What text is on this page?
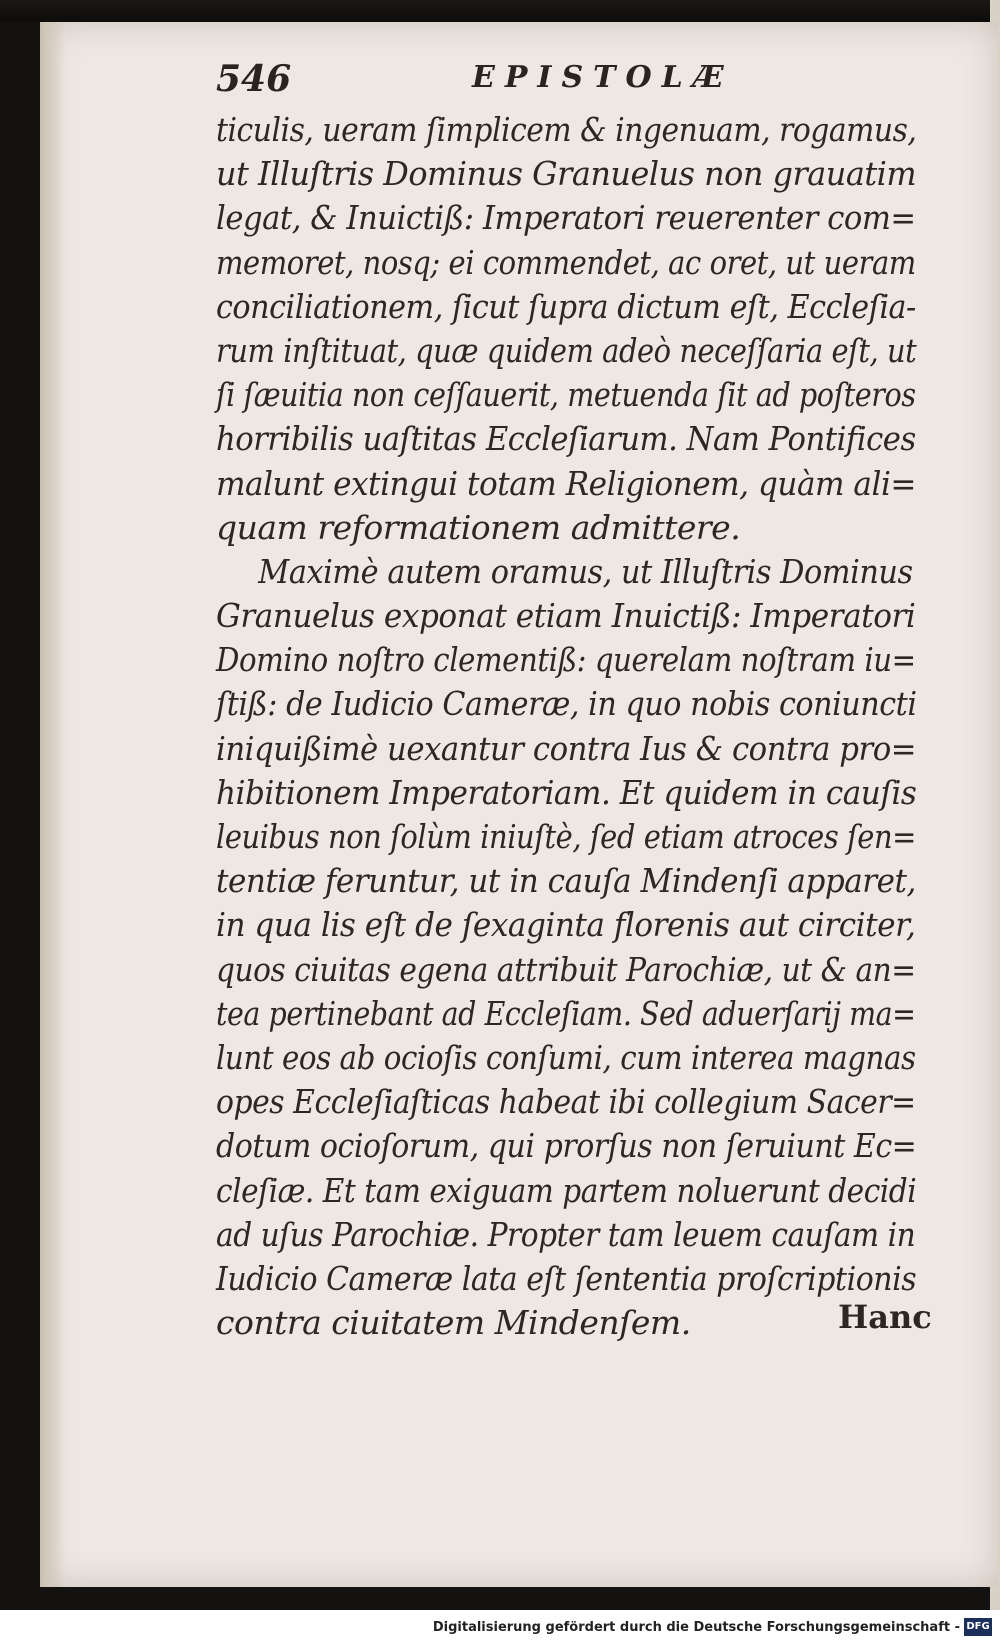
546	EPISTOLÆ
ticulis, ueram ſimplicem & ingenuam, rogamus,
ut Illuſtris Dominus Granuelus non grauatim
legat, & Inuictiß: Imperatori reuerenter com=
memoret, nosq; ei commendet, ac oret, ut ueram
conciliationem, ſicut ſupra dictum eſt, Eccleſia-
rum inſtituat, quæ quidem adeò neceſſaria eſt, ut
ſi ſæuitia non ceſſauerit, metuenda ſit ad poſteros
horribilis uaſtitas Eccleſiarum. Nam Pontifices
malunt extingui totam Religionem, quàm ali=
quam reformationem admittere.
Maximè autem oramus, ut Illuſtris Dominus
Granuelus exponat etiam Inuictiß: Imperatori
Domino noſtro clementiß: querelam noſtram iu=
ſtiß: de Iudicio Cameræ, in quo nobis coniuncti
iniquißimè uexantur contra Ius & contra pro=
hibitionem Imperatoriam. Et quidem in cauſis
leuibus non ſolùm iniuſtè, ſed etiam atroces ſen=
tentiæ feruntur, ut in cauſa Mindenſi apparet,
in qua lis eſt de ſexaginta florenis aut circiter,
quos ciuitas egena attribuit Parochiæ, ut & an=
tea pertinebant ad Eccleſiam. Sed aduerſarij ma=
lunt eos ab ocioſis conſumi, cum interea magnas
opes Eccleſiaſticas habeat ibi collegium Sacer=
dotum ocioſorum, qui prorſus non ſeruiunt Ec=
cleſiæ. Et tam exiguam partem noluerunt decidi
ad uſus Parochiæ. Propter tam leuem cauſam in
Iudicio Cameræ lata eſt ſententia proſcriptionis
contra ciuitatem Mindenſem.	Hanc
Digitalisierung gefördert durch die Deutsche Forschungsgemeinschaft - DFG
